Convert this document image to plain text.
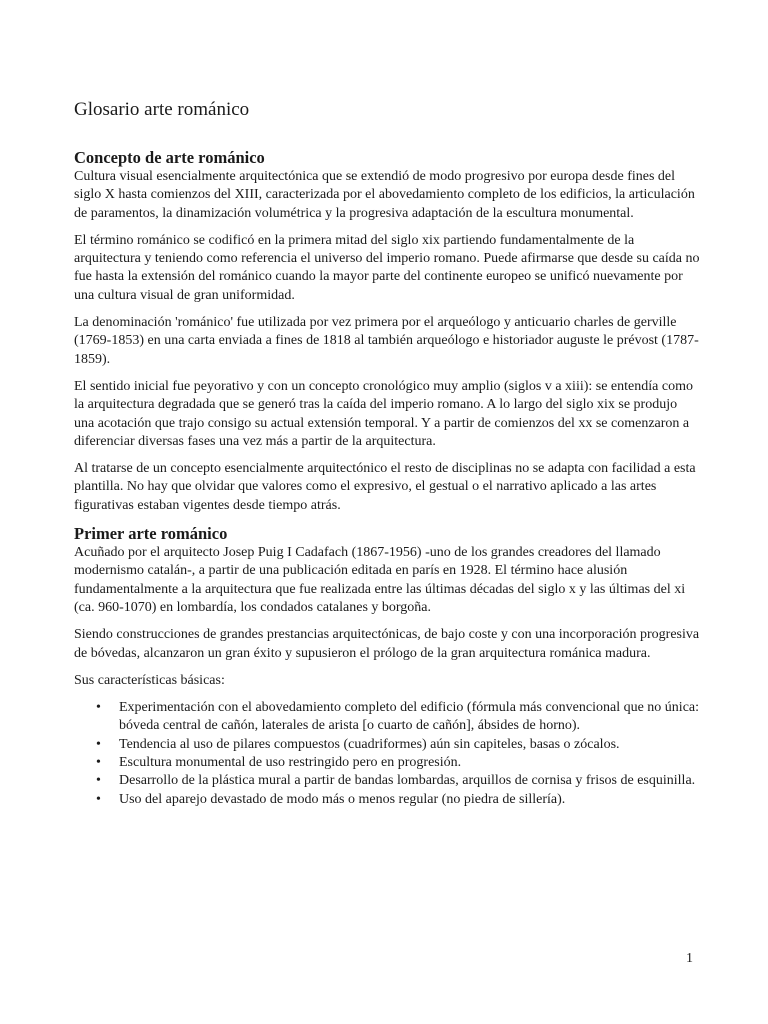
Glosario arte románico
Concepto de arte románico

Cultura visual esencialmente arquitectónica que se extendió de modo progresivo por europa desde fines del siglo X hasta comienzos del XIII, caracterizada por el abovedamiento completo de los edificios, la articulación de paramentos, la dinamización volumétrica y la progresiva adaptación de la escultura monumental.

El término románico se codificó en la primera mitad del siglo xix partiendo fundamentalmente de la arquitectura y teniendo como referencia el universo del imperio romano. Puede afirmarse que desde su caída no fue hasta la extensión del románico cuando la mayor parte del continente europeo se unificó nuevamente por una cultura visual de gran uniformidad.

La denominación 'románico' fue utilizada por vez primera por el arqueólogo y anticuario charles de gerville (1769-1853) en una carta enviada a fines de 1818 al también arqueólogo e historiador auguste le prévost (1787-1859).

El sentido inicial fue peyorativo y con un concepto cronológico muy amplio (siglos v a xiii): se entendía como la arquitectura degradada que se generó tras la caída del imperio romano. A lo largo del siglo xix se produjo una acotación que trajo consigo su actual extensión temporal. Y a partir de comienzos del xx se comenzaron a diferenciar diversas fases una vez más a partir de la arquitectura.

Al tratarse de un concepto esencialmente arquitectónico el resto de disciplinas no se adapta con facilidad a esta plantilla. No hay que olvidar que valores como el expresivo, el gestual o el narrativo aplicado a las artes figurativas estaban vigentes desde tiempo atrás.

Primer arte románico

Acuñado por el arquitecto Josep Puig I Cadafach (1867-1956) -uno de los grandes creadores del llamado modernismo catalán-, a partir de una publicación editada en parís en 1928. El término hace alusión fundamentalmente a la arquitectura que fue realizada entre las últimas décadas del siglo x y las últimas del xi (ca. 960-1070) en lombardía, los condados catalanes y borgoña.

Siendo construcciones de grandes prestancias arquitectónicas, de bajo coste y con una incorporación progresiva de bóvedas, alcanzaron un gran éxito y supusieron el prólogo de la gran arquitectura románica madura.

Sus características básicas:

• Experimentación con el abovedamiento completo del edificio (fórmula más convencional que no única: bóveda central de cañón, laterales de arista [o cuarto de cañón], ábsides de horno).
• Tendencia al uso de pilares compuestos (cuadriformes) aún sin capiteles, basas o zócalos.
• Escultura monumental de uso restringido pero en progresión.
• Desarrollo de la plástica mural a partir de bandas lombardas, arquillos de cornisa y frisos de esquinilla.
• Uso del aparejo devastado de modo más o menos regular (no piedra de sillería).
1
